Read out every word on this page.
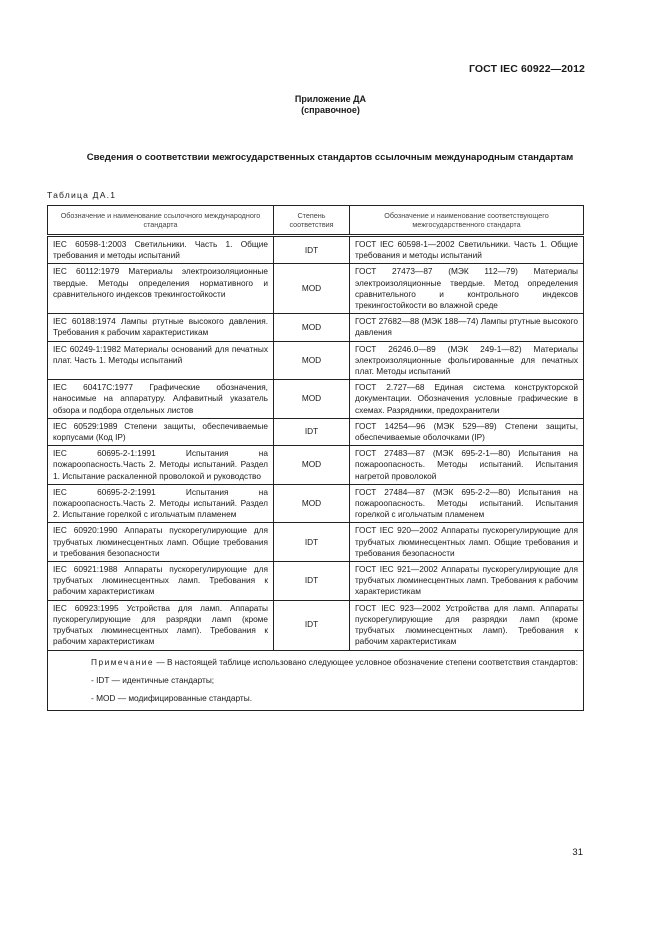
ГОСТ IEC 60922—2012
Приложение ДА
(справочное)
Сведения о соответствии межгосударственных стандартов ссылочным международным стандартам
Таблица ДА.1
Обозначение и наименование ссылочного международного стандарта	Степень соответствия	Обозначение и наименование соответствующего межгосударственного стандарта
IEC 60598-1:2003 Светильники. Часть 1. Общие требования и методы испытаний	IDT	ГОСТ IEC 60598-1—2002 Светильники. Часть 1. Общие требования и методы испытаний
IEC 60112:1979 Материалы электроизоляционные твердые. Методы определения нормативного и сравнительного индексов трекингостойкости	MOD	ГОСТ 27473—87 (МЭК 112—79) Материалы электроизоляционные твердые. Метод определения сравнительного и контрольного индексов трекингостойкости во влажной среде
IEC 60188:1974 Лампы ртутные высокого давления. Требования к рабочим характеристикам	MOD	ГОСТ 27682—88 (МЭК 188—74) Лампы ртутные высокого давления
IEC 60249-1:1982 Материалы оснований для печатных плат. Часть 1. Методы испытаний	MOD	ГОСТ 26246.0—89 (МЭК 249-1—82) Материалы электроизоляционные фольгированные для печатных плат. Методы испытаний
IEC 60417C:1977 Графические обозначения, наносимые на аппаратуру. Алфавитный указатель обзора и подбора отдельных листов	MOD	ГОСТ 2.727—68 Единая система конструкторской документации. Обозначения условные графические в схемах. Разрядники, предохранители
IEC 60529:1989 Степени защиты, обеспечиваемые корпусами (Код IP)	IDT	ГОСТ 14254—96 (МЭК 529—89) Степени защиты, обеспечиваемые оболочками (IP)
IEC 60695-2-1:1991 Испытания на пожароопасность.Часть 2. Методы испытаний. Раздел 1. Испытание раскаленной проволокой и руководство	MOD	ГОСТ 27483—87 (МЭК 695-2-1—80) Испытания на пожароопасность. Методы испытаний. Испытания нагретой проволокой
IEC 60695-2-2:1991 Испытания на пожароопасность.Часть 2. Методы испытаний. Раздел 2. Испытание горелкой с игольчатым пламенем	MOD	ГОСТ 27484—87 (МЭК 695-2-2—80) Испытания на пожароопасность. Методы испытаний. Испытания горелкой с игольчатым пламенем
IEC 60920:1990 Аппараты пускорегулирующие для трубчатых люминесцентных ламп. Общие требования и требования безопасности	IDT	ГОСТ IEC 920—2002 Аппараты пускорегулирующие для трубчатых люминесцентных ламп. Общие требования и требования безопасности
IEC 60921:1988 Аппараты пускорегулирующие для трубчатых люминесцентных ламп. Требования к рабочим характеристикам	IDT	ГОСТ IEC 921—2002 Аппараты пускорегулирующие для трубчатых люминесцентных ламп. Требования к рабочим характеристикам
IEC 60923:1995 Устройства для ламп. Аппараты пускорегулирующие для разрядки ламп (кроме трубчатых люминесцентных ламп). Требования к рабочим характеристикам	IDT	ГОСТ IEC 923—2002 Устройства для ламп. Аппараты пускорегулирующие для разрядки ламп (кроме трубчатых люминесцентных ламп). Требования к рабочим характеристикам

Примечание — В настоящей таблице использовано следующее условное обозначение степени соответствия стандартов:
- IDT — идентичные стандарты;
- MOD — модифицированные стандарты.		
31
